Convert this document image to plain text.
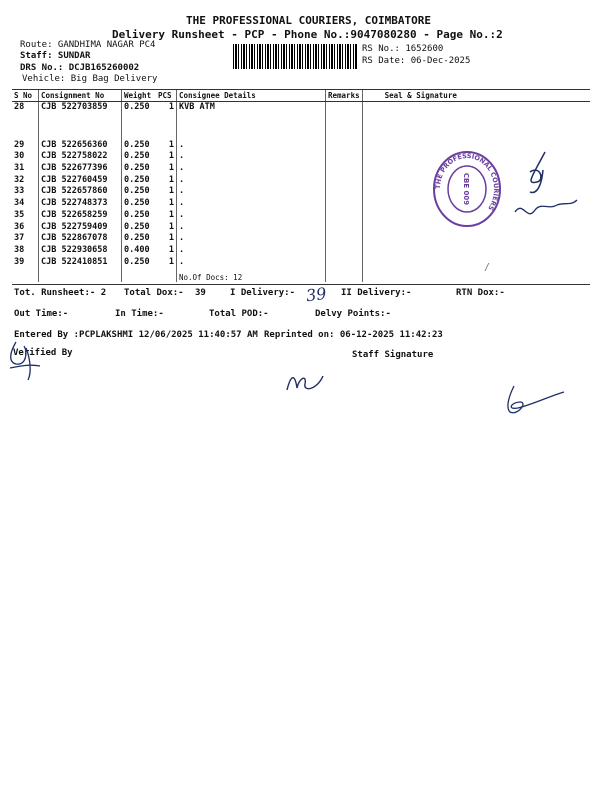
THE PROFESSIONAL COURIERS, COIMBATORE
Delivery Runsheet - PCP - Phone No.:9047080280 - Page No.:2
Route: GANDHIMA NAGAR PC4
Staff: SUNDAR
DRS No.: DCJB165260002
Vehicle: Big Bag Delivery
RS No.: 1652600
RS Date: 06-Dec-2025
S No	Consignment No	Weight	PCS	Consignee Details	Remarks	Seal & Signature
28	CJB 522703859	0.250	1	KVB ATM		

29	CJB 522656360	0.250	1	.		
30	CJB 522758022	0.250	1	.		
31	CJB 522677396	0.250	1	.		
32	CJB 522760459	0.250	1	.		
33	CJB 522657860	0.250	1	.		
34	CJB 522748373	0.250	1	.		
35	CJB 522658259	0.250	1	.		
36	CJB 522759409	0.250	1	.		
37	CJB 522867078	0.250	1	.		
38	CJB 522930658	0.400	1	.		
39	CJB 522410851	0.250	1	.		
				No.Of Docs: 12		
Tot. Runsheet:- 2 Total Dox:- 39	I Delivery:-	II Delivery:-	RTN Dox:-
Out Time:-	In Time:-	Total POD:-	Delvy Points:-
Entered By :PCPLAKSHMI 12/06/2025 11:40:57 AM Reprinted on: 06-12-2025 11:42:23
Verified By	Staff Signature
39
THE PROFESSIONAL COURIERS
CBE 009
/
